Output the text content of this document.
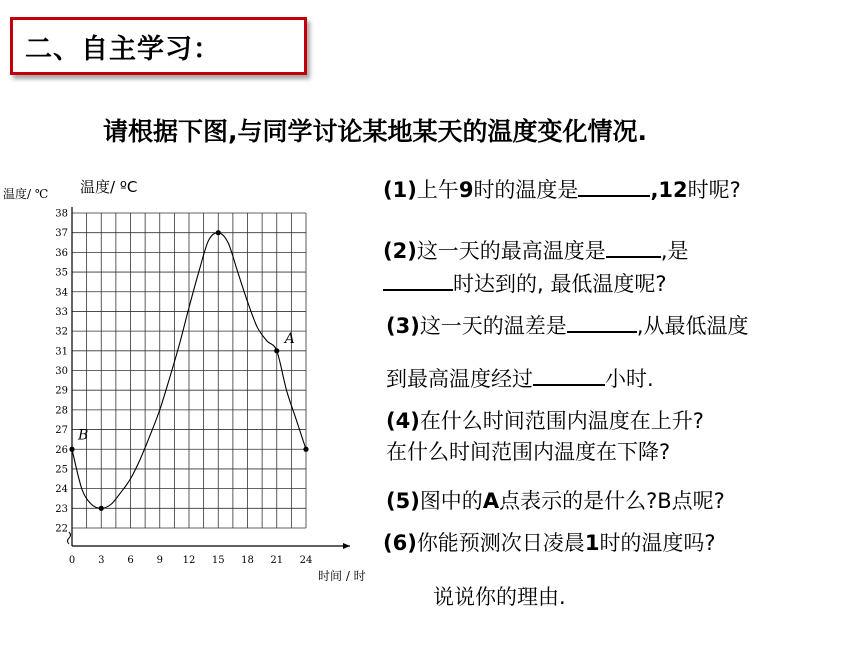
二、自主学习：
请根据下图,与同学讨论某地某天的温度变化情况.
22
23
24
25
26
27
28
29
30
31
32
33
34
35
36
37
38
0 3 6 9 12 15 18 21 24
B
A
温度/ ℃ 温度/ ºC
时间 / 时
(1)上午9时的温度是	,12时呢?
(2)这一天的最高温度是	,是
时达到的, 最低温度呢?
(3)这一天的温差是	,从最低温度
到最高温度经过	小时.
(4)在什么时间范围内温度在上升?
在什么时间范围内温度在下降?
(5)图中的A点表示的是什么?B点呢?
(6)你能预测次日凌晨1时的温度吗?
说说你的理由.
